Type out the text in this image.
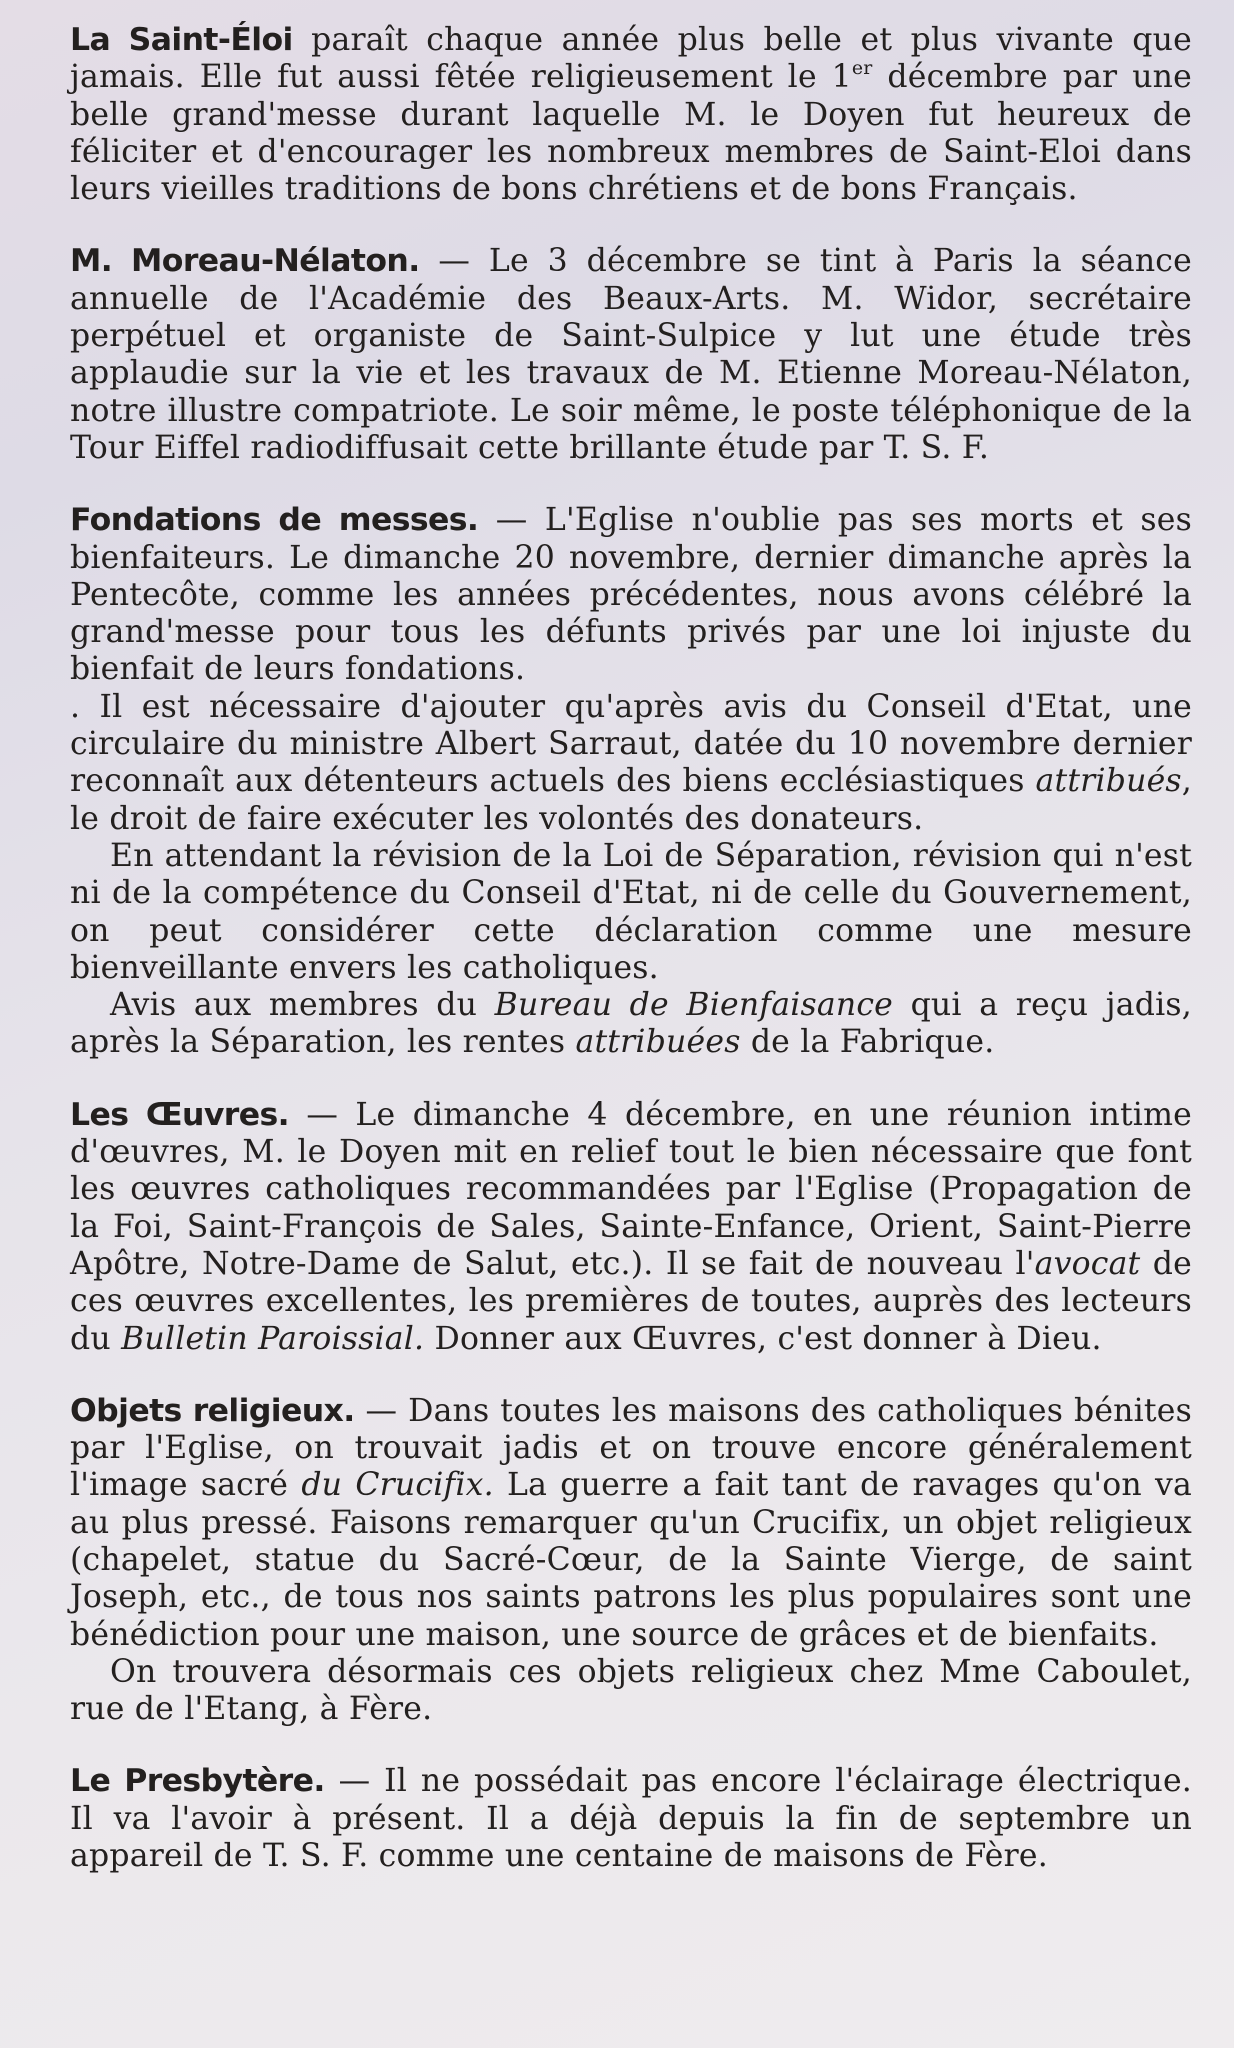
La Saint-Éloi paraît chaque année plus belle et plus vivante que jamais. Elle fut aussi fêtée religieusement le 1er décembre par une belle grand'messe durant laquelle M. le Doyen fut heureux de féliciter et d'encourager les nombreux membres de Saint-Eloi dans leurs vieilles traditions de bons chrétiens et de bons Français.

M. Moreau-Nélaton. — Le 3 décembre se tint à Paris la séance annuelle de l'Académie des Beaux-Arts. M. Widor, secrétaire perpétuel et organiste de Saint-Sulpice y lut une étude très applaudie sur la vie et les travaux de M. Etienne Moreau-Nélaton, notre illustre compatriote. Le soir même, le poste téléphonique de la Tour Eiffel radiodiffusait cette brillante étude par T. S. F.

Fondations de messes. — L'Eglise n'oublie pas ses morts et ses bienfaiteurs. Le dimanche 20 novembre, dernier dimanche après la Pentecôte, comme les années précédentes, nous avons célébré la grand'messe pour tous les défunts privés par une loi injuste du bienfait de leurs fondations.

. Il est nécessaire d'ajouter qu'après avis du Conseil d'Etat, une circulaire du ministre Albert Sarraut, datée du 10 novembre dernier reconnaît aux détenteurs actuels des biens ecclésiastiques attribués, le droit de faire exécuter les volontés des donateurs.

En attendant la révision de la Loi de Séparation, révision qui n'est ni de la compétence du Conseil d'Etat, ni de celle du Gouvernement, on peut considérer cette déclaration comme une mesure bienveillante envers les catholiques.

Avis aux membres du Bureau de Bienfaisance qui a reçu jadis, après la Séparation, les rentes attribuées de la Fabrique.

Les Œuvres. — Le dimanche 4 décembre, en une réunion intime d'œuvres, M. le Doyen mit en relief tout le bien nécessaire que font les œuvres catholiques recommandées par l'Eglise (Propagation de la Foi, Saint-François de Sales, Sainte-Enfance, Orient, Saint-Pierre Apôtre, Notre-Dame de Salut, etc.). Il se fait de nouveau l'avocat de ces œuvres excellentes, les premières de toutes, auprès des lecteurs du Bulletin Paroissial. Donner aux Œuvres, c'est donner à Dieu.

Objets religieux. — Dans toutes les maisons des catholiques bénites par l'Eglise, on trouvait jadis et on trouve encore généralement l'image sacré du Crucifix. La guerre a fait tant de ravages qu'on va au plus pressé. Faisons remarquer qu'un Crucifix, un objet religieux (chapelet, statue du Sacré-Cœur, de la Sainte Vierge, de saint Joseph, etc., de tous nos saints patrons les plus populaires sont une bénédiction pour une maison, une source de grâces et de bienfaits.

On trouvera désormais ces objets religieux chez Mme Caboulet, rue de l'Etang, à Fère.

Le Presbytère. — Il ne possédait pas encore l'éclairage électrique. Il va l'avoir à présent. Il a déjà depuis la fin de septembre un appareil de T. S. F. comme une centaine de maisons de Fère.
